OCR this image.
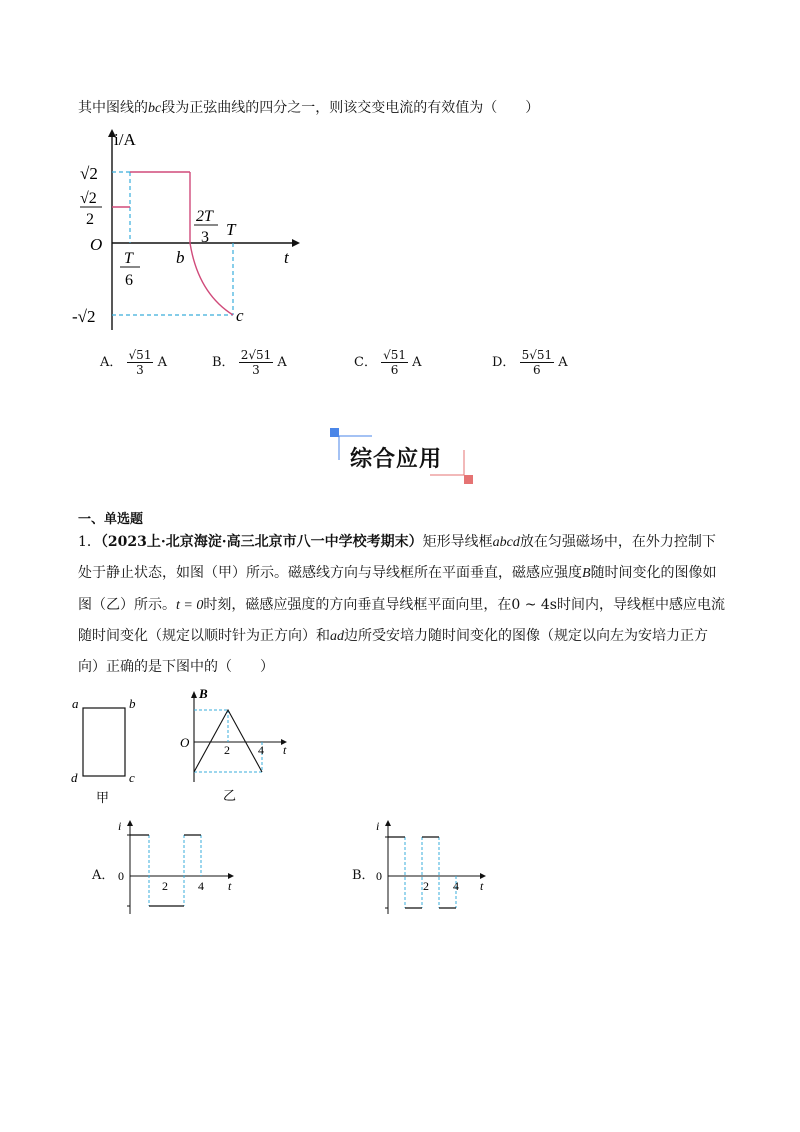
其中图线的bc段为正弦曲线的四分之一，则该交变电流的有效值为（　　）
i/A
t
O
√2
√2
2
-√2
T
6
2T
3 T
b
c
A． $\frac{√51}{3}$ A	B． $\frac{2√51}{3}$ A	C． $\frac{√51}{6}$ A	D． $\frac{5√51}{6}$ A
综合应用
一、单选题
1．（2023上·北京海淀·高三北京市八一中学校考期末）矩形导线框abcd放在匀强磁场中，在外力控制下
处于静止状态，如图（甲）所示。磁感线方向与导线框所在平面垂直，磁感应强度B随时间变化的图像如
图（乙）所示。t = 0时刻，磁感应强度的方向垂直导线框平面向里，在0 ~ 4s时间内，导线框中感应电流
随时间变化（规定以顺时针为正方向）和ad边所受安培力随时间变化的图像（规定以向左为安培力正方
向）正确的是下图中的（　　）
a	b
c
d
甲
B
O	2 4 t
乙
A．
i
0
2	4 t
B．
i
0
2 4 t
